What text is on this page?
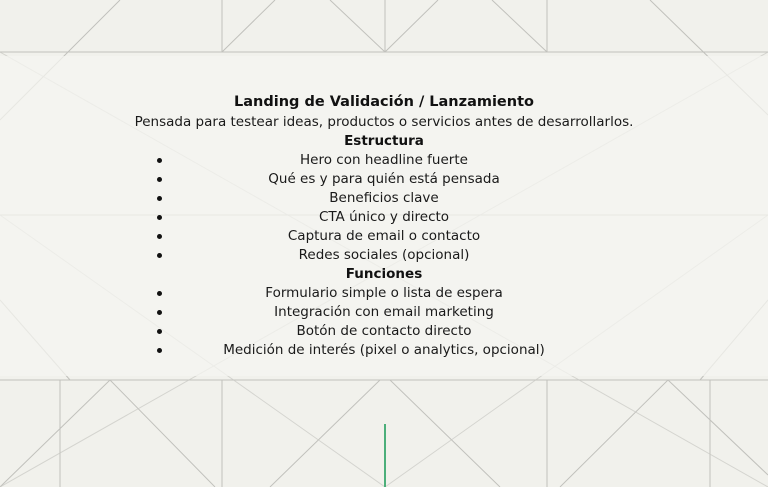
Landing de Validación / Lanzamiento

Pensada para testear ideas, productos o servicios antes de desarrollarlos.

Estructura

Hero con headline fuerte
Qué es y para quién está pensada
Beneficios clave
CTA único y directo
Captura de email o contacto
Redes sociales (opcional)

Funciones

Formulario simple o lista de espera
Integración con email marketing
Botón de contacto directo
Medición de interés (pixel o analytics, opcional)
